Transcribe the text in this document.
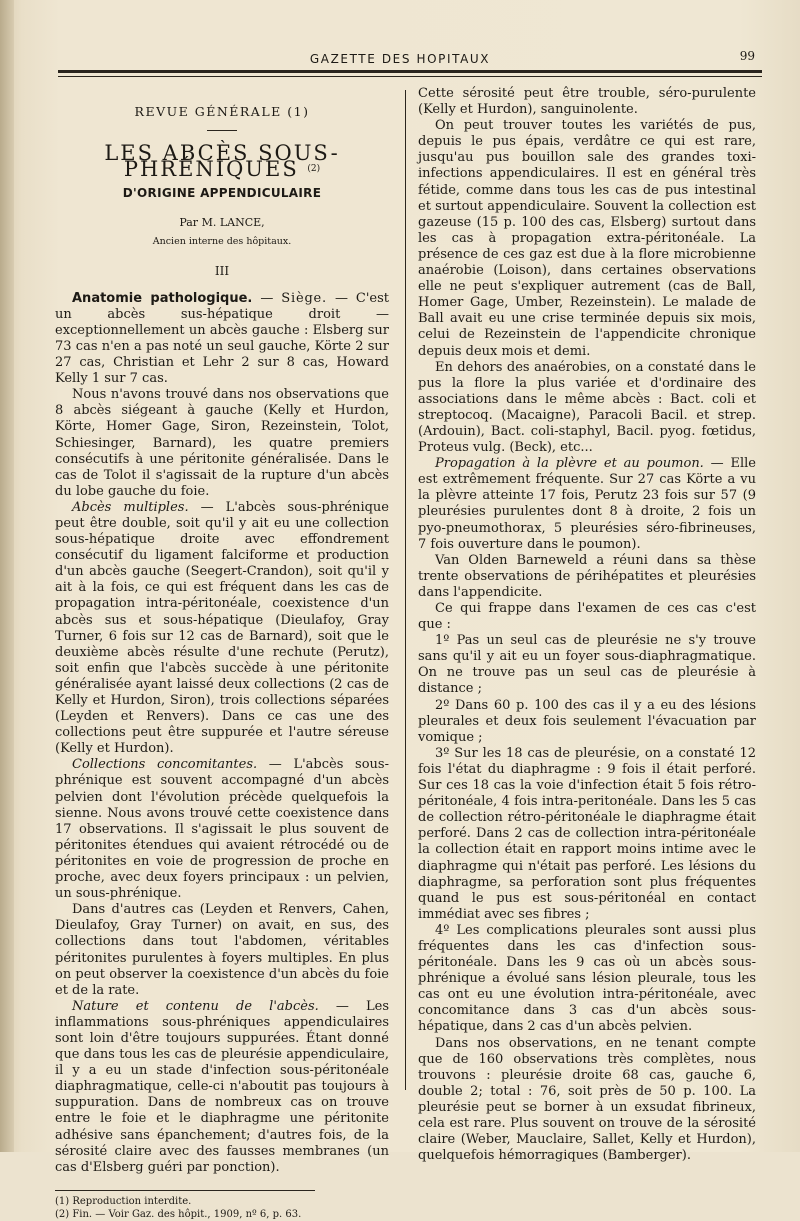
GAZETTE DES HOPITAUX	99
REVUE GÉNÉRALE (1)
LES ABCÈS SOUS-PHRÉNIQUES $^{(2)}$
D'ORIGINE APPENDICULAIRE
Par M. LANCE,
Ancien interne des hôpitaux.
III

Anatomie pathologique. — Siège. — C'est un abcès sus-hépatique droit — exceptionnellement un abcès gauche : Elsberg sur 73 cas n'en a pas noté un seul gauche, Körte 2 sur 27 cas, Christian et Lehr 2 sur 8 cas, Howard Kelly 1 sur 7 cas.

Nous n'avons trouvé dans nos observations que 8 abcès siégeant à gauche (Kelly et Hurdon, Körte, Homer Gage, Siron, Rezeinstein, Tolot, Schiesinger, Barnard), les quatre premiers consécutifs à une péritonite généralisée. Dans le cas de Tolot il s'agissait de la rupture d'un abcès du lobe gauche du foie.

Abcès multiples. — L'abcès sous-phrénique peut être double, soit qu'il y ait eu une collection sous-hépatique droite avec effondrement consécutif du ligament falciforme et production d'un abcès gauche (Seegert-Crandon), soit qu'il y ait à la fois, ce qui est fréquent dans les cas de propagation intra-péritonéale, coexistence d'un abcès sus et sous-hépatique (Dieulafoy, Gray Turner, 6 fois sur 12 cas de Barnard), soit que le deuxième abcès résulte d'une rechute (Perutz), soit enfin que l'abcès succède à une péritonite généralisée ayant laissé deux collections (2 cas de Kelly et Hurdon, Siron), trois collections séparées (Leyden et Renvers). Dans ce cas une des collections peut être suppurée et l'autre séreuse (Kelly et Hurdon).

Collections concomitantes. — L'abcès sous-phrénique est souvent accompagné d'un abcès pelvien dont l'évolution précède quelquefois la sienne. Nous avons trouvé cette coexistence dans 17 observations. Il s'agissait le plus souvent de péritonites étendues qui avaient rétrocédé ou de péritonites en voie de progression de proche en proche, avec deux foyers principaux : un pelvien, un sous-phrénique.

Dans d'autres cas (Leyden et Renvers, Cahen, Dieulafoy, Gray Turner) on avait, en sus, des collections dans tout l'abdomen, véritables péritonites purulentes à foyers multiples. En plus on peut observer la coexistence d'un abcès du foie et de la rate.

Nature et contenu de l'abcès. — Les inflammations sous-phréniques appendiculaires sont loin d'être toujours suppurées. Étant donné que dans tous les cas de pleurésie appendiculaire, il y a eu un stade d'infection sous-péritonéale diaphragmatique, celle-ci n'aboutit pas toujours à suppuration. Dans de nombreux cas on trouve entre le foie et le diaphragme une péritonite adhésive sans épanchement; d'autres fois, de la sérosité claire avec des fausses membranes (un cas d'Elsberg guéri par ponction).

(1) Reproduction interdite.

(2) Fin. — Voir Gaz. des hôpit., 1909, nº 6, p. 63.

Cette sérosité peut être trouble, séro-purulente (Kelly et Hurdon), sanguinolente.

On peut trouver toutes les variétés de pus, depuis le pus épais, verdâtre ce qui est rare, jusqu'au pus bouillon sale des grandes toxi-infections appendiculaires. Il est en général très fétide, comme dans tous les cas de pus intestinal et surtout appendiculaire. Souvent la collection est gazeuse (15 p. 100 des cas, Elsberg) surtout dans les cas à propagation extra-péritonéale. La présence de ces gaz est due à la flore microbienne anaérobie (Loison), dans certaines observations elle ne peut s'expliquer autrement (cas de Ball, Homer Gage, Umber, Rezeinstein). Le malade de Ball avait eu une crise terminée depuis six mois, celui de Rezeinstein de l'appendicite chronique depuis deux mois et demi.

En dehors des anaérobies, on a constaté dans le pus la flore la plus variée et d'ordinaire des associations dans le même abcès : Bact. coli et streptocoq. (Macaigne), Paracoli Bacil. et strep. (Ardouin), Bact. coli-staphyl, Bacil. pyog. fœtidus, Proteus vulg. (Beck), etc...

Propagation à la plèvre et au poumon. — Elle est extrêmement fréquente. Sur 27 cas Körte a vu la plèvre atteinte 17 fois, Perutz 23 fois sur 57 (9 pleurésies purulentes dont 8 à droite, 2 fois un pyo-pneumothorax, 5 pleurésies séro-fibrineuses, 7 fois ouverture dans le poumon).

Van Olden Barneweld a réuni dans sa thèse trente observations de périhépatites et pleurésies dans l'appendicite.

Ce qui frappe dans l'examen de ces cas c'est que :

1º Pas un seul cas de pleurésie ne s'y trouve sans qu'il y ait eu un foyer sous-diaphragmatique. On ne trouve pas un seul cas de pleurésie à distance ;

2º Dans 60 p. 100 des cas il y a eu des lésions pleurales et deux fois seulement l'évacuation par vomique ;

3º Sur les 18 cas de pleurésie, on a constaté 12 fois l'état du diaphragme : 9 fois il était perforé. Sur ces 18 cas la voie d'infection était 5 fois rétro-péritonéale, 4 fois intra-peritonéale. Dans les 5 cas de collection rétro-péritonéale le diaphragme était perforé. Dans 2 cas de collection intra-péritonéale la collection était en rapport moins intime avec le diaphragme qui n'était pas perforé. Les lésions du diaphragme, sa perforation sont plus fréquentes quand le pus est sous-péritonéal en contact immédiat avec ses fibres ;

4º Les complications pleurales sont aussi plus fréquentes dans les cas d'infection sous-péritonéale. Dans les 9 cas où un abcès sous-phrénique a évolué sans lésion pleurale, tous les cas ont eu une évolution intra-péritonéale, avec concomitance dans 3 cas d'un abcès sous-hépatique, dans 2 cas d'un abcès pelvien.

Dans nos observations, en ne tenant compte que de 160 observations très complètes, nous trouvons : pleurésie droite 68 cas, gauche 6, double 2; total : 76, soit près de 50 p. 100. La pleurésie peut se borner à un exsudat fibrineux, cela est rare. Plus souvent on trouve de la sérosité claire (Weber, Mauclaire, Sallet, Kelly et Hurdon), quelquefois hémorragiques (Bamberger).
